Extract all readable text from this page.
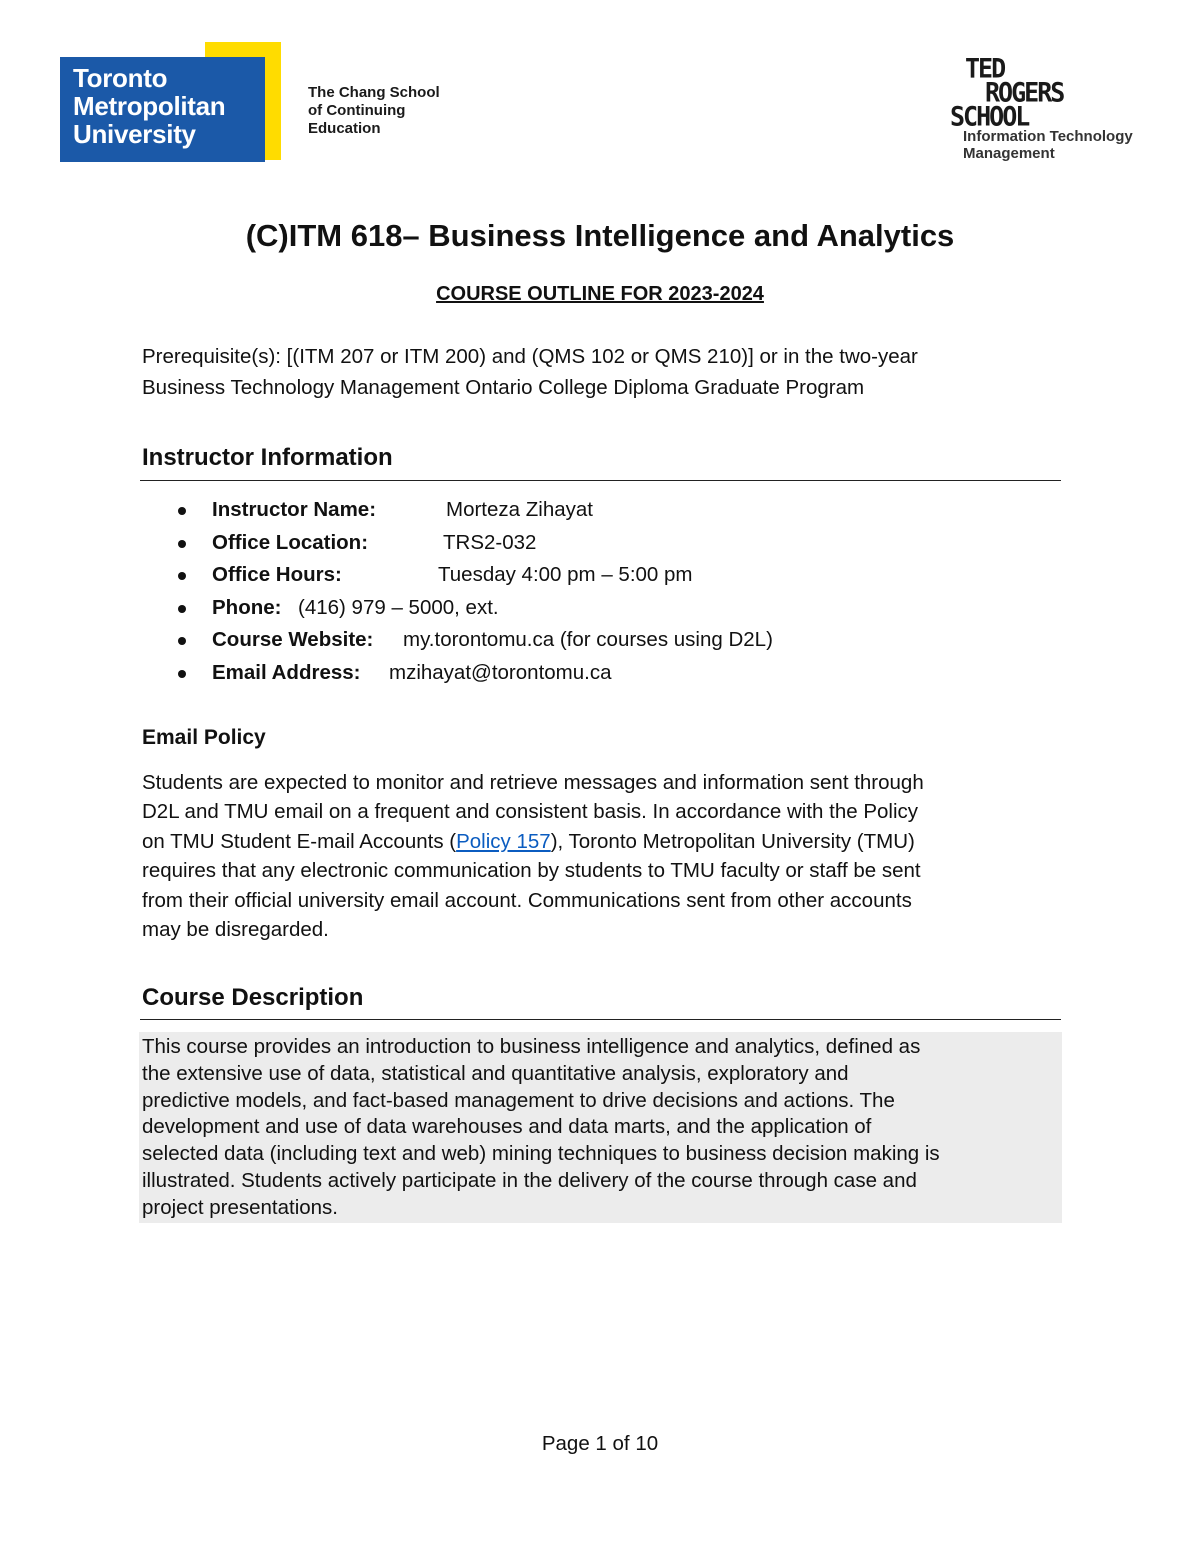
Toronto
Metropolitan
University
The Chang School
of Continuing
Education
TED
ROGERS
SCHOOL
Information Technology
Management
(C)ITM 618– Business Intelligence and Analytics
COURSE OUTLINE FOR 2023-2024
Prerequisite(s): [(ITM 207 or ITM 200) and (QMS 102 or QMS 210)] or in the two-year
Business Technology Management Ontario College Diploma Graduate Program
Instructor Information
Instructor Name:	Morteza Zihayat
Office Location:	TRS2-032
Office Hours:	Tuesday 4:00 pm – 5:00 pm
Phone: (416) 979 – 5000, ext.
Course Website: my.torontomu.ca (for courses using D2L)
Email Address: mzihayat@torontomu.ca
Email Policy
Students are expected to monitor and retrieve messages and information sent through
D2L and TMU email on a frequent and consistent basis. In accordance with the Policy
on TMU Student E-mail Accounts (Policy 157), Toronto Metropolitan University (TMU)
requires that any electronic communication by students to TMU faculty or staff be sent
from their official university email account. Communications sent from other accounts
may be disregarded.
Course Description
This course provides an introduction to business intelligence and analytics, defined as
the extensive use of data, statistical and quantitative analysis, exploratory and
predictive models, and fact-based management to drive decisions and actions. The
development and use of data warehouses and data marts, and the application of
selected data (including text and web) mining techniques to business decision making is
illustrated. Students actively participate in the delivery of the course through case and
project presentations.
Page 1 of 10
